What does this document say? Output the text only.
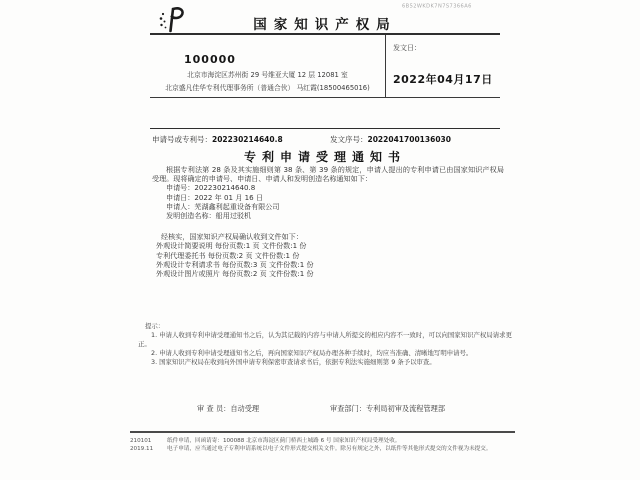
国家知识产权局
6B52WKDK7N7S7366A6
100000
北京市海淀区苏州街 29 号维亚大厦 12 层 12081 室
北京盛凡佳华专利代理事务所（普通合伙） 马红霞(18500465016)
发文日：
2022年04月17日
申请号或专利号：202230214640.8	发文序号：2022041700136030
专利申请受理通知书

根据专利法第 28 条及其实施细则第 38 条、第 39 条的规定，申请人提出的专利申请已由国家知识产权局受理。现将确定的申请号、申请日、申请人和发明创造名称通知如下：

申请号：202230214640.8
申请日：2022 年 01 月 16 日
申请人：芜湖鑫利起重设备有限公司
发明创造名称：船用过驳机

经核实，国家知识产权局确认收到文件如下：

外观设计简要说明 每份页数:1 页 文件份数:1 份
专利代理委托书 每份页数:2 页 文件份数:1 份
外观设计专利请求书 每份页数:3 页 文件份数:1 份
外观设计图片或照片 每份页数:2 页 文件份数:1 份
提示：

1. 申请人收到专利申请受理通知书之后，认为其记载的内容与申请人所提交的相应内容不一致时，可以向国家知识产权局请求更正。

2. 申请人收到专利申请受理通知书之后，再向国家知识产权局办理各种手续时，均应当准确、清晰地写明申请号。

3. 国家知识产权局在收到向外国申请专利保密审查请求书后，依据专利法实施细则第 9 条予以审查。

审 查 员：自动受理	审查部门：专利局初审及流程管理部
210101
2019.11
纸件申请，回函请寄：100088 北京市海淀区蓟门桥西土城路 6 号 国家知识产权局受理处收。
电子申请，应当通过电子专利申请系统以电子文件形式提交相关文件。除另有规定之外，以纸件等其他形式提交的文件视为未提交。
